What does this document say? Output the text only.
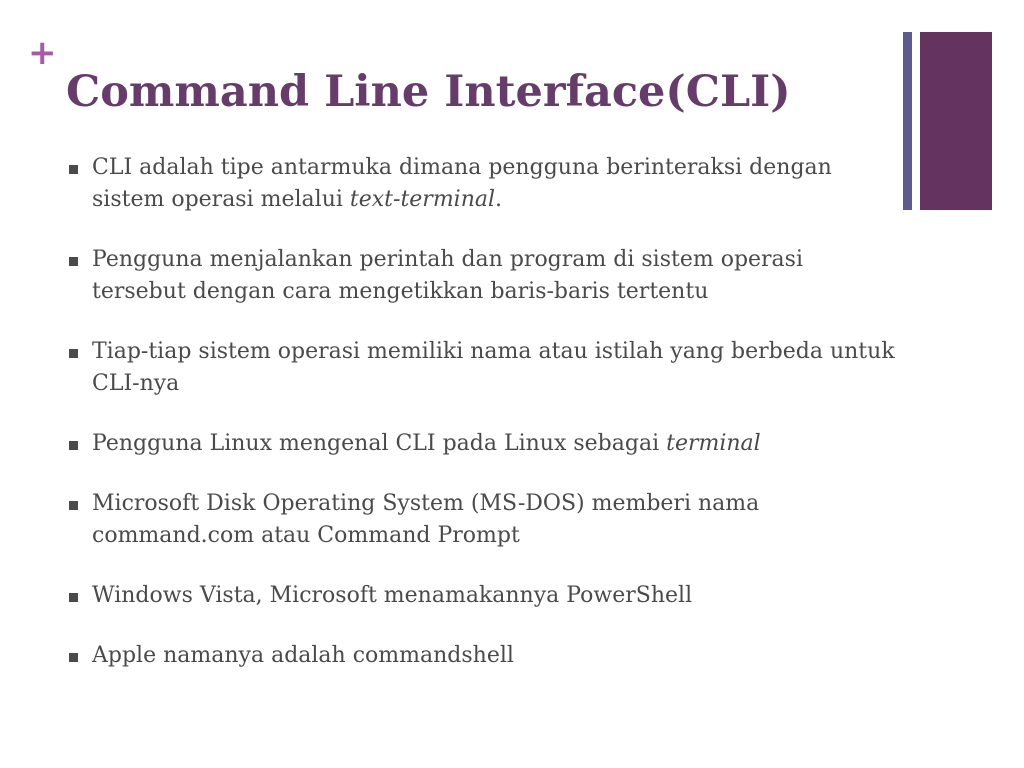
+
Command Line Interface(CLI)
CLI adalah tipe antarmuka dimana pengguna berinteraksi dengan sistem operasi melalui text-terminal.
Pengguna menjalankan perintah dan program di sistem operasi tersebut dengan cara mengetikkan baris-baris tertentu
Tiap-tiap sistem operasi memiliki nama atau istilah yang berbeda untuk CLI-nya
Pengguna Linux mengenal CLI pada Linux sebagai terminal
Microsoft Disk Operating System (MS-DOS) memberi nama command.com atau Command Prompt
Windows Vista, Microsoft menamakannya PowerShell
Apple namanya adalah commandshell
